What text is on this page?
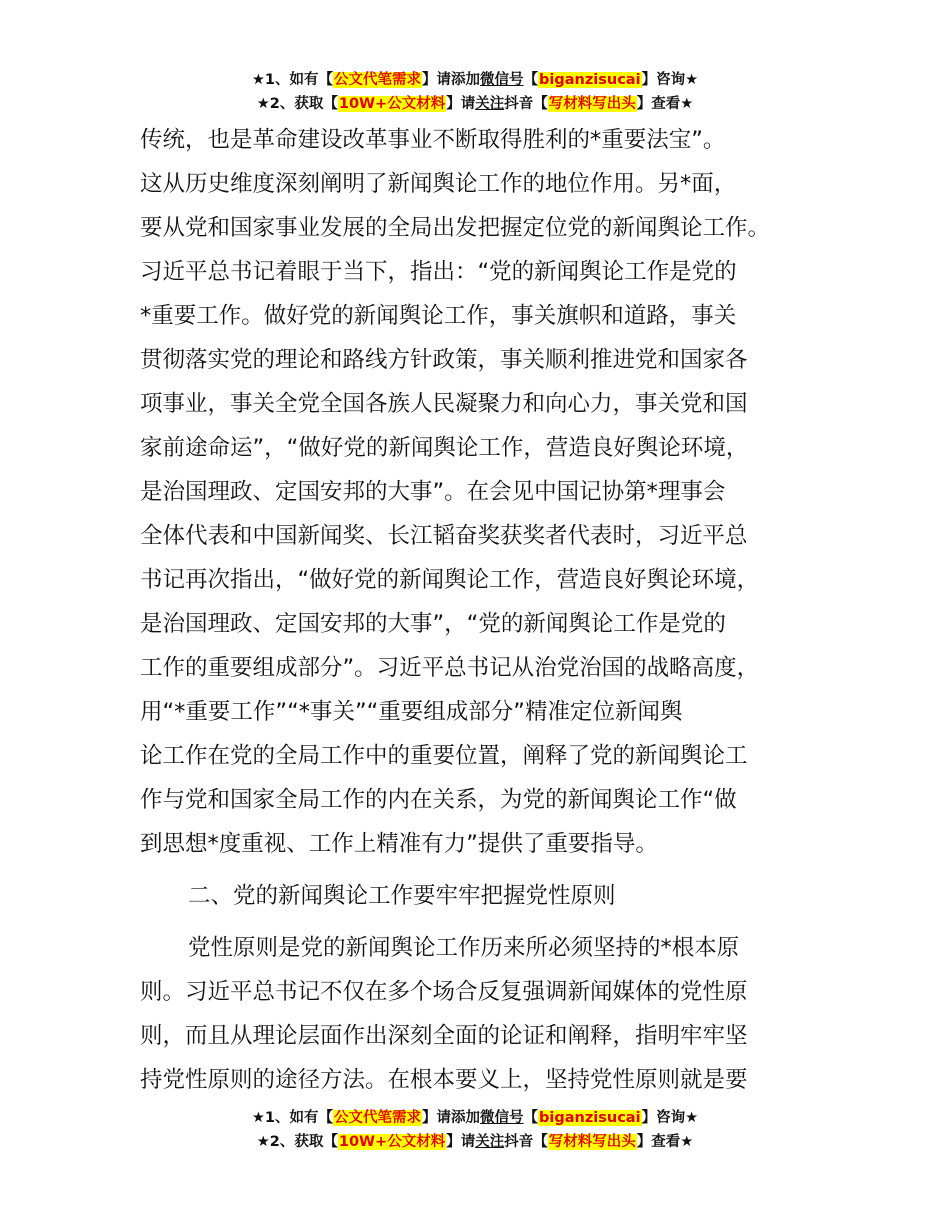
★1、如有【公文代笔需求】请添加微信号【biganzisucai】咨询★
★2、获取【10W+公文材料】请关注抖音【写材料写出头】查看★
传统，也是革命建设改革事业不断取得胜利的*重要法宝”。
这从历史维度深刻阐明了新闻舆论工作的地位作用。另*面，
要从党和国家事业发展的全局出发把握定位党的新闻舆论工作。
习近平总书记着眼于当下，指出：“党的新闻舆论工作是党的
*重要工作。做好党的新闻舆论工作，事关旗帜和道路，事关
贯彻落实党的理论和路线方针政策，事关顺利推进党和国家各
项事业，事关全党全国各族人民凝聚力和向心力，事关党和国
家前途命运”，“做好党的新闻舆论工作，营造良好舆论环境，
是治国理政、定国安邦的大事”。在会见中国记协第*理事会
全体代表和中国新闻奖、长江韬奋奖获奖者代表时，习近平总
书记再次指出，“做好党的新闻舆论工作，营造良好舆论环境，
是治国理政、定国安邦的大事”，“党的新闻舆论工作是党的
工作的重要组成部分”。习近平总书记从治党治国的战略高度，
用“*重要工作”“*事关”“重要组成部分”精准定位新闻舆
论工作在党的全局工作中的重要位置，阐释了党的新闻舆论工
作与党和国家全局工作的内在关系，为党的新闻舆论工作“做
到思想*度重视、工作上精准有力”提供了重要指导。
二、党的新闻舆论工作要牢牢把握党性原则
党性原则是党的新闻舆论工作历来所必须坚持的*根本原
则。习近平总书记不仅在多个场合反复强调新闻媒体的党性原
则，而且从理论层面作出深刻全面的论证和阐释，指明牢牢坚
持党性原则的途径方法。在根本要义上，坚持党性原则就是要
★1、如有【公文代笔需求】请添加微信号【biganzisucai】咨询★
★2、获取【10W+公文材料】请关注抖音【写材料写出头】查看★
